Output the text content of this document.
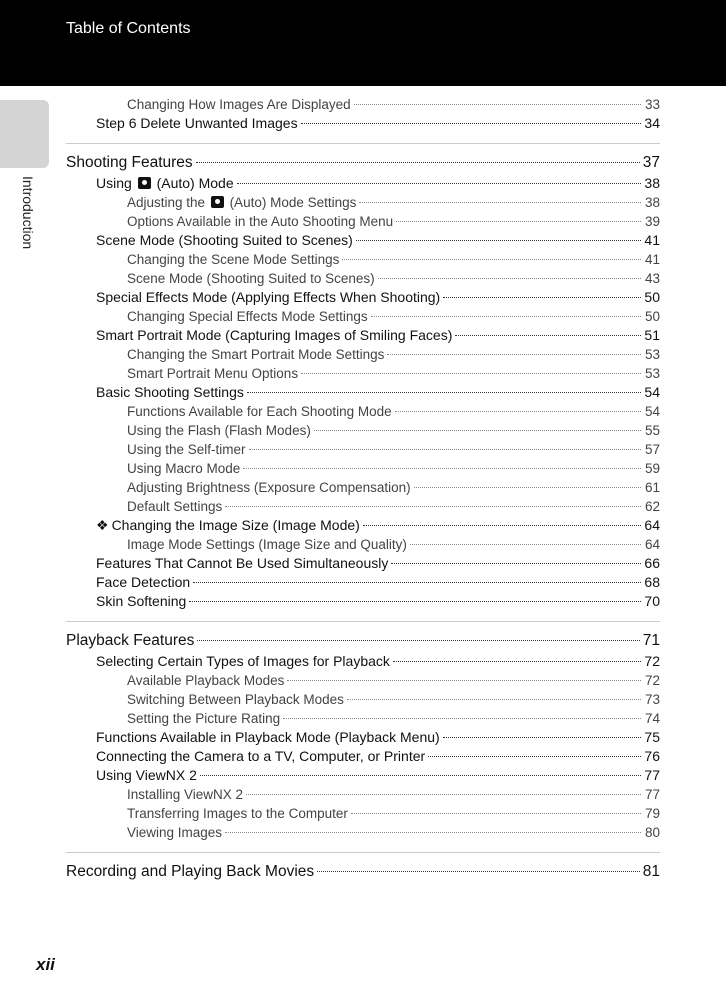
Table of Contents
Introduction
Changing How Images Are Displayed	33
Step 6 Delete Unwanted Images	34
Shooting Features	37
Using  (Auto) Mode	38
Adjusting the  (Auto) Mode Settings	38
Options Available in the Auto Shooting Menu	39
Scene Mode (Shooting Suited to Scenes)	41
Changing the Scene Mode Settings	41
Scene Mode (Shooting Suited to Scenes)	43
Special Effects Mode (Applying Effects When Shooting)	50
Changing Special Effects Mode Settings	50
Smart Portrait Mode (Capturing Images of Smiling Faces)	51
Changing the Smart Portrait Mode Settings	53
Smart Portrait Menu Options	53
Basic Shooting Settings	54
Functions Available for Each Shooting Mode	54
Using the Flash (Flash Modes)	55
Using the Self-timer	57
Using Macro Mode	59
Adjusting Brightness (Exposure Compensation)	61
Default Settings	62
❖ Changing the Image Size (Image Mode)	64
Image Mode Settings (Image Size and Quality)	64
Features That Cannot Be Used Simultaneously	66
Face Detection	68
Skin Softening	70
Playback Features	71
Selecting Certain Types of Images for Playback	72
Available Playback Modes	72
Switching Between Playback Modes	73
Setting the Picture Rating	74
Functions Available in Playback Mode (Playback Menu)	75
Connecting the Camera to a TV, Computer, or Printer	76
Using ViewNX 2	77
Installing ViewNX 2	77
Transferring Images to the Computer	79
Viewing Images	80
Recording and Playing Back Movies	81
xii
